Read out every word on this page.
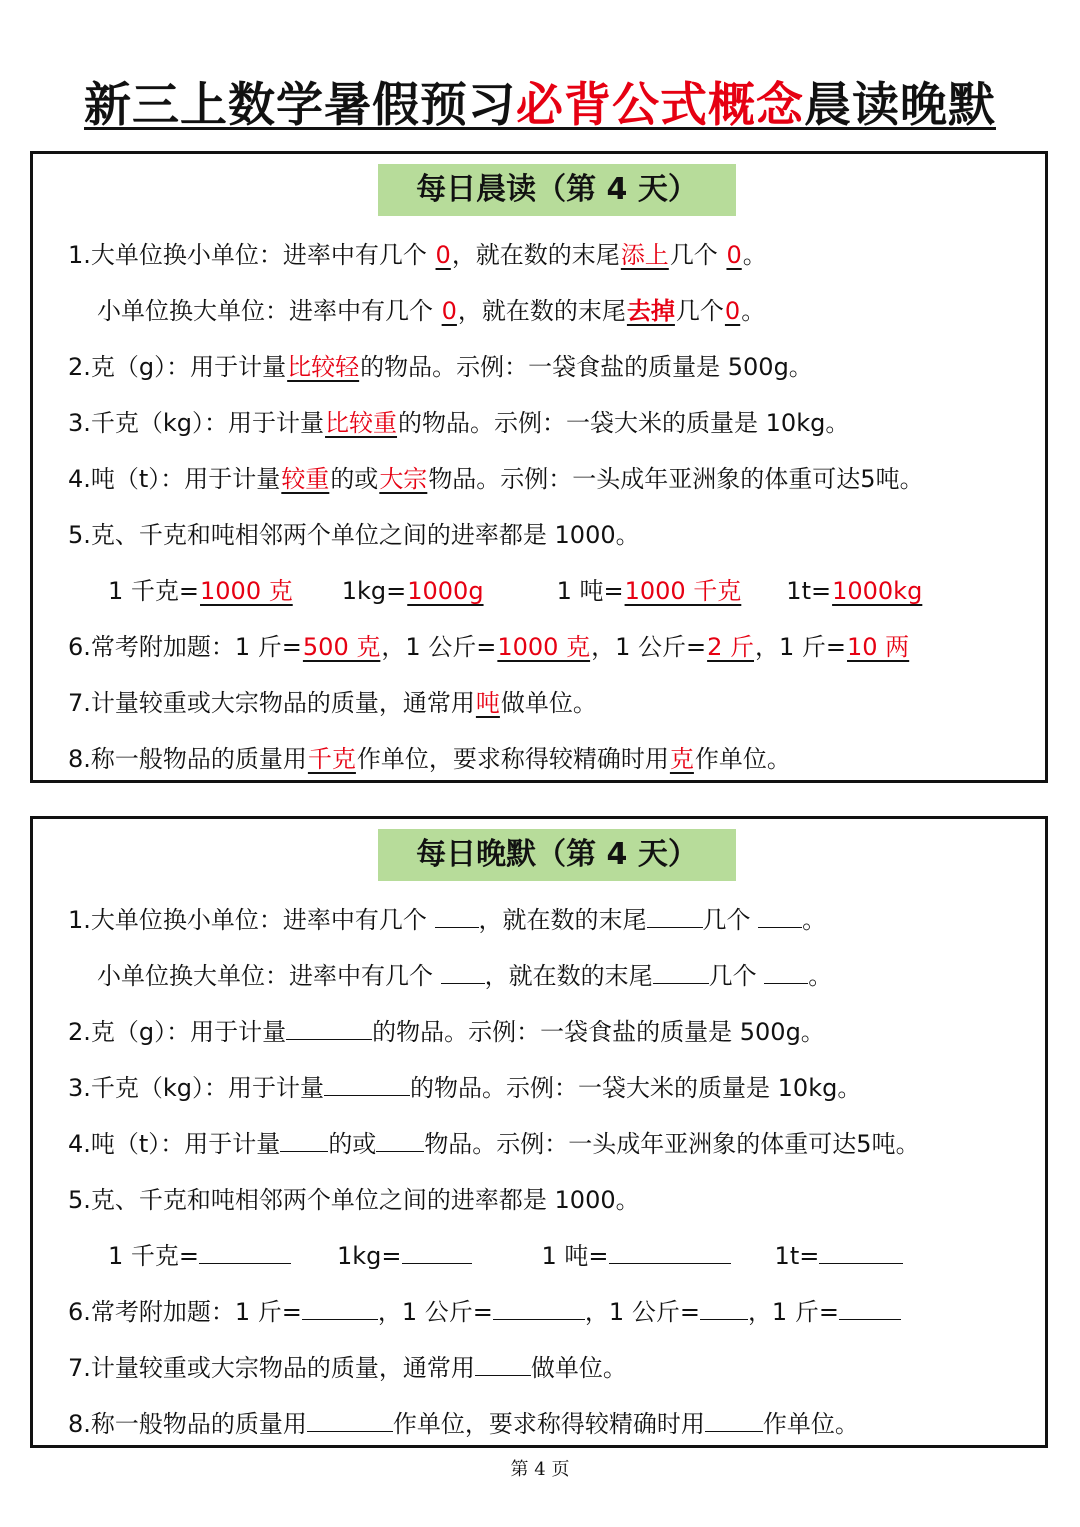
新三上数学暑假预习必背公式概念晨读晚默
每日晨读（第 4 天）
1.大单位换小单位：进率中有几个 0，就在数的末尾添上几个 0。
小单位换大单位：进率中有几个 0，就在数的末尾去掉几个0。
2.克（g）：用于计量比较轻的物品。示例：一袋食盐的质量是 500g。
3.千克（kg）：用于计量比较重的物品。示例：一袋大米的质量是 10kg。
4.吨（t）：用于计量较重的或大宗物品。示例：一头成年亚洲象的体重可达5吨。
5.克、千克和吨相邻两个单位之间的进率都是 1000。
1 千克=1000 克 1kg=1000g	1 吨=1000 千克 1t=1000kg
6.常考附加题：1 斤=500 克，1 公斤=1000 克，1 公斤=2 斤，1 斤=10 两
7.计量较重或大宗物品的质量，通常用吨做单位。
8.称一般物品的质量用千克作单位，要求称得较精确时用克作单位。
每日晚默（第 4 天）
1.大单位换小单位：进率中有几个 ，就在数的末尾 几个 。
小单位换大单位：进率中有几个 ，就在数的末尾 几个 。
2.克（g）：用于计量	的物品。示例：一袋食盐的质量是 500g。
3.千克（kg）：用于计量	的物品。示例：一袋大米的质量是 10kg。
4.吨（t）：用于计量 的或 物品。示例：一头成年亚洲象的体重可达5吨。
5.克、千克和吨相邻两个单位之间的进率都是 1000。
1 千克=	1kg=	1 吨=	1t=
6.常考附加题：1 斤=	，1 公斤=	，1 公斤= ，1 斤=
7.计量较重或大宗物品的质量，通常用 做单位。
8.称一般物品的质量用	作单位，要求称得较精确时用 作单位。
第 4 页
